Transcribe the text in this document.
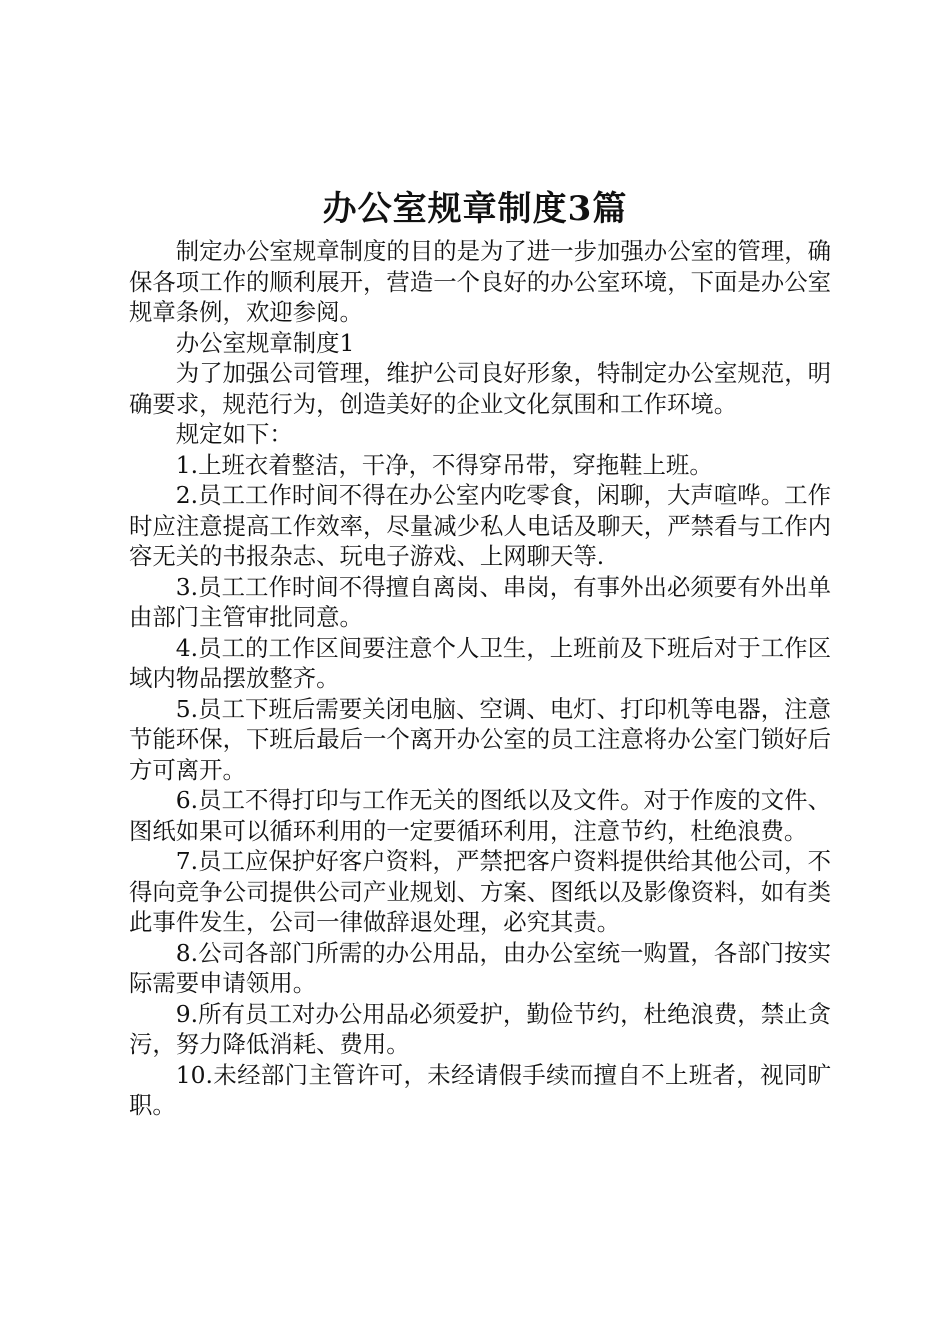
办公室规章制度3篇

制定办公室规章制度的目的是为了进一步加强办公室的管理，确保各项工作的顺利展开，营造一个良好的办公室环境，下面是办公室规章条例，欢迎参阅。

办公室规章制度1

为了加强公司管理，维护公司良好形象，特制定办公室规范，明确要求，规范行为，创造美好的企业文化氛围和工作环境。

规定如下：

1.上班衣着整洁，干净，不得穿吊带，穿拖鞋上班。

2.员工工作时间不得在办公室内吃零食，闲聊，大声喧哗。工作时应注意提高工作效率，尽量减少私人电话及聊天，严禁看与工作内容无关的书报杂志、玩电子游戏、上网聊天等.

3.员工工作时间不得擅自离岗、串岗，有事外出必须要有外出单由部门主管审批同意。

4.员工的工作区间要注意个人卫生，上班前及下班后对于工作区域内物品摆放整齐。

5.员工下班后需要关闭电脑、空调、电灯、打印机等电器，注意节能环保，下班后最后一个离开办公室的员工注意将办公室门锁好后方可离开。

6.员工不得打印与工作无关的图纸以及文件。对于作废的文件、图纸如果可以循环利用的一定要循环利用，注意节约，杜绝浪费。

7.员工应保护好客户资料，严禁把客户资料提供给其他公司，不得向竞争公司提供公司产业规划、方案、图纸以及影像资料，如有类此事件发生，公司一律做辞退处理，必究其责。

8.公司各部门所需的办公用品，由办公室统一购置，各部门按实际需要申请领用。

9.所有员工对办公用品必须爱护，勤俭节约，杜绝浪费，禁止贪污，努力降低消耗、费用。

10.未经部门主管许可，未经请假手续而擅自不上班者，视同旷职。
